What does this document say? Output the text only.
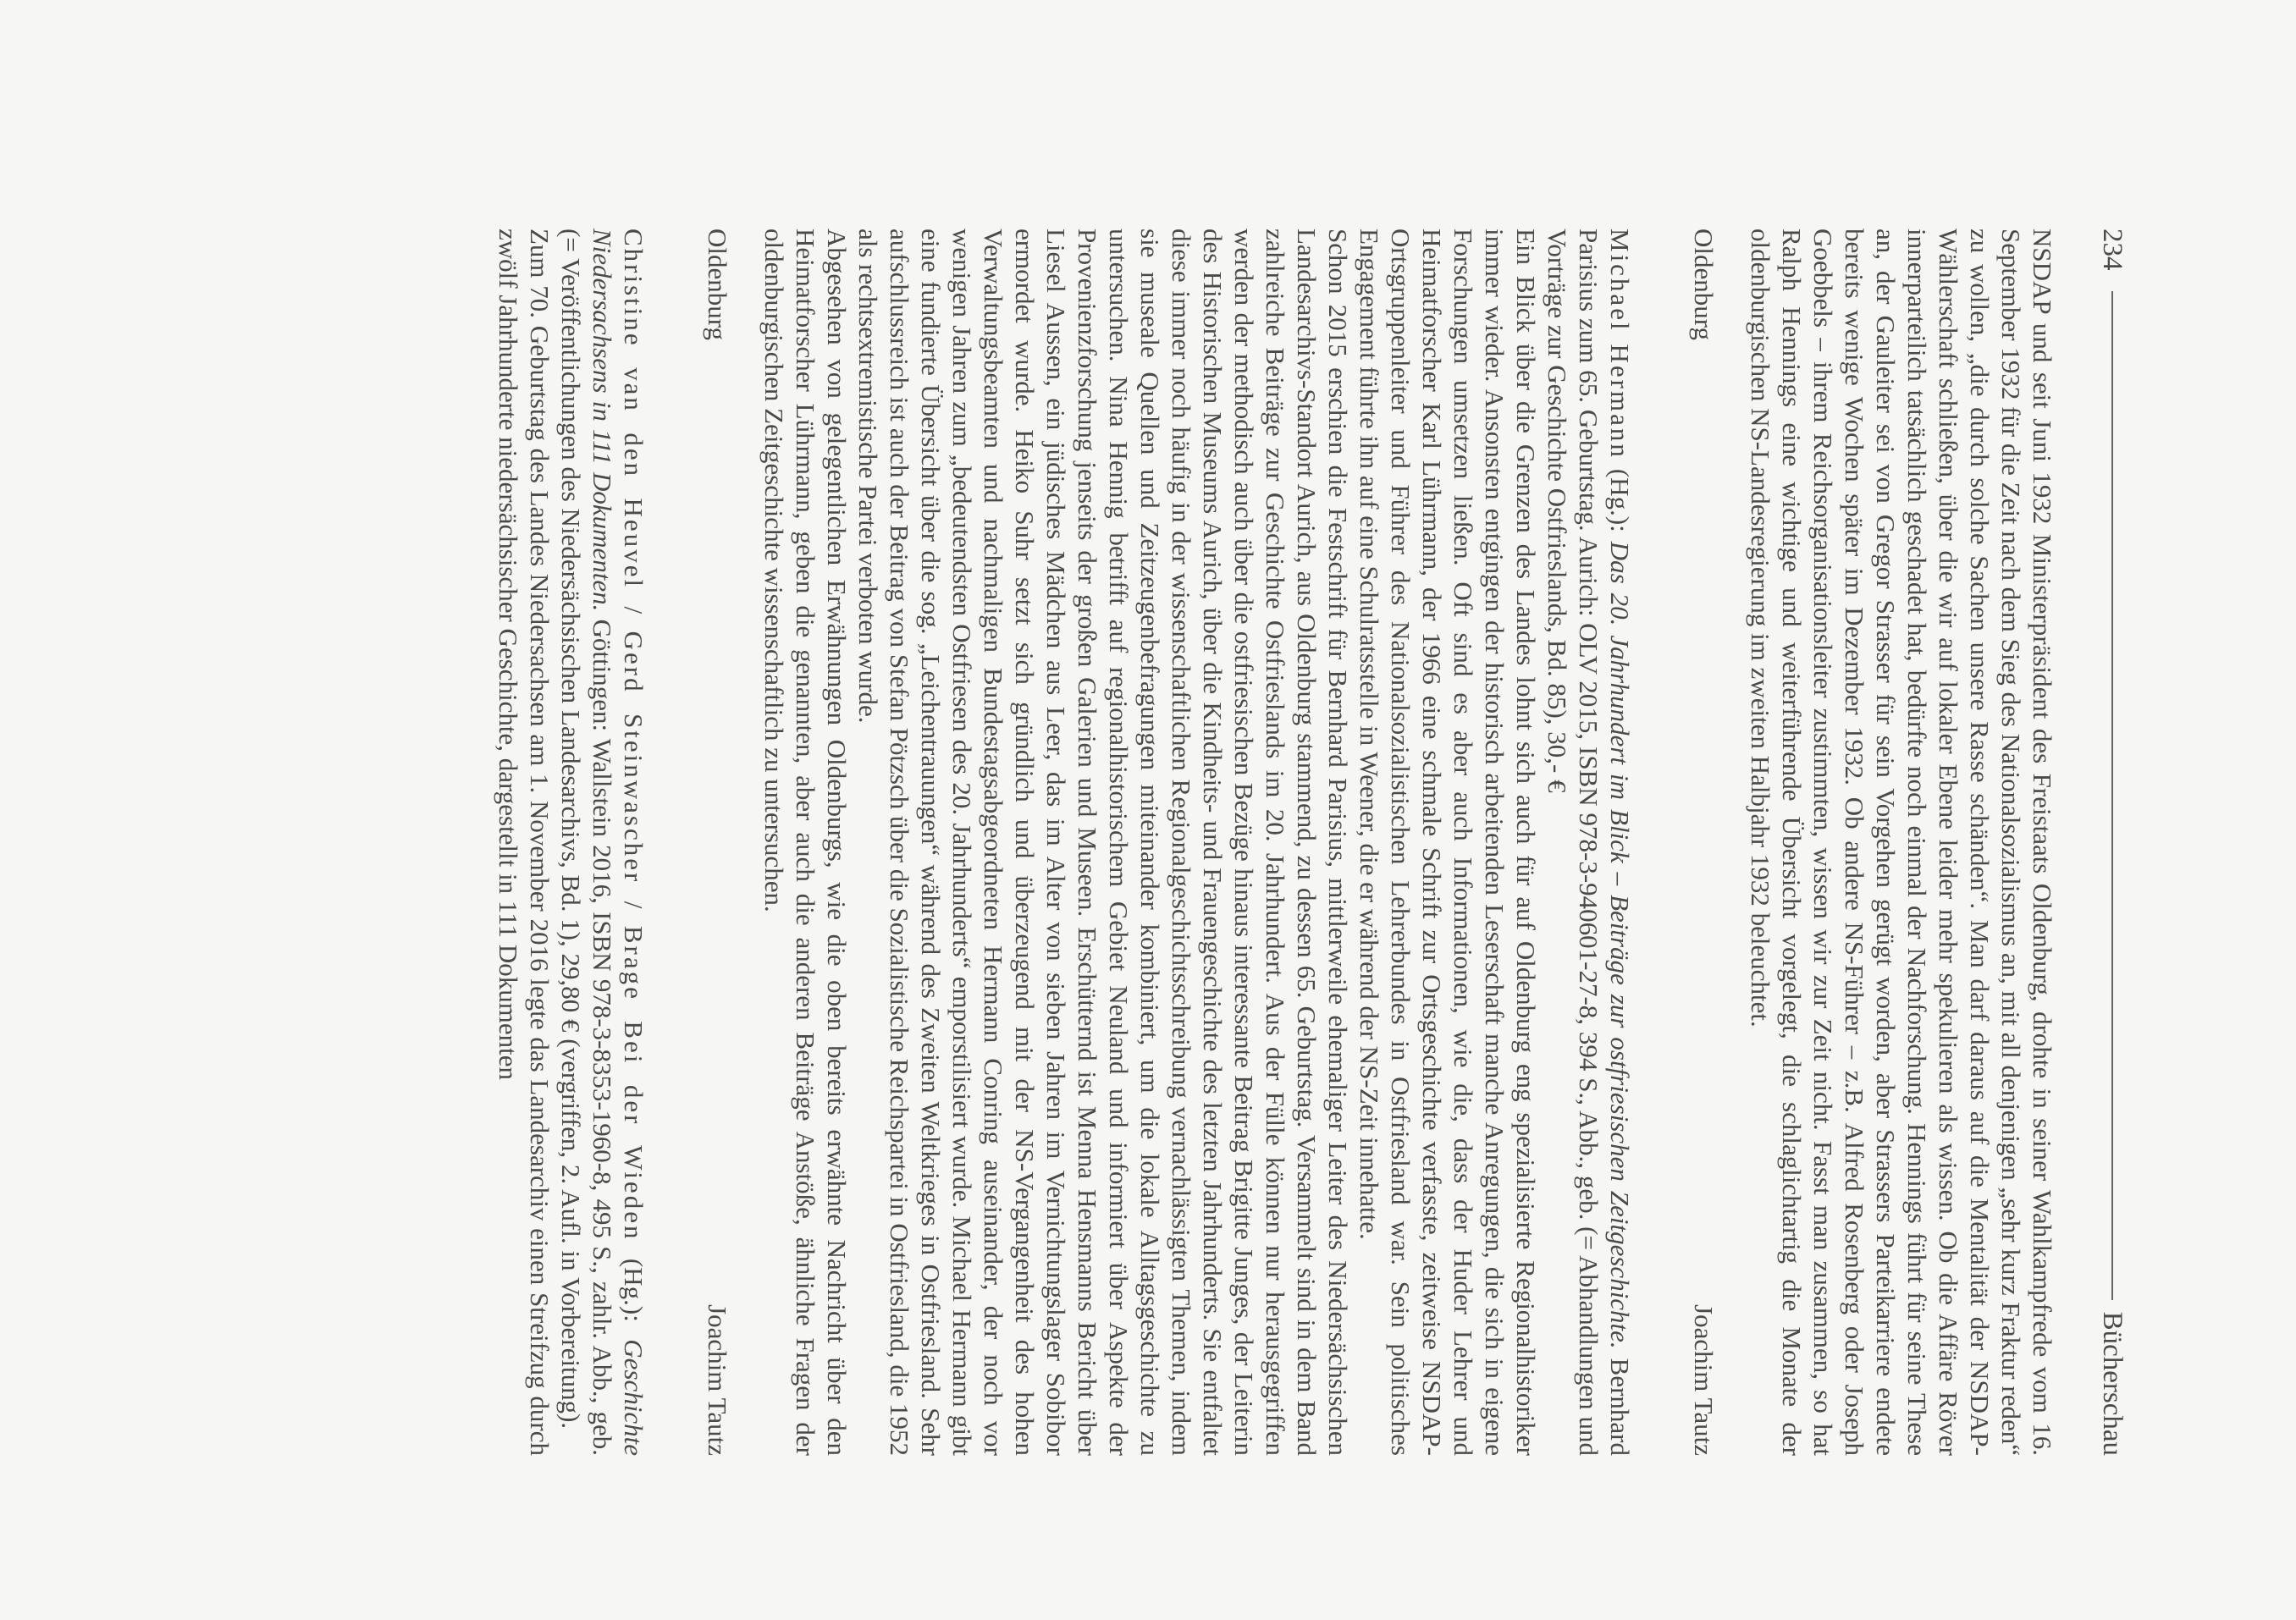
234
Bücherschau

NSDAP und seit Juni 1932 Ministerpräsident des Freistaats Oldenburg, drohte in seiner Wahlkampfrede vom 16. September 1932 für die Zeit nach dem Sieg des Nationalsozialismus an, mit all denjenigen „sehr kurz Fraktur reden“ zu wollen, „die durch solche Sachen unsere Rasse schänden“. Man darf daraus auf die Mentalität der NSDAP-Wählerschaft schließen, über die wir auf lokaler Ebene leider mehr spekulieren als wissen. Ob die Affäre Röver innerparteilich tatsächlich geschadet hat, bedürfte noch einmal der Nachforschung. Hennings führt für seine These an, der Gauleiter sei von Gregor Strasser für sein Vorgehen gerügt worden, aber Strassers Parteikarriere endete bereits wenige Wochen später im Dezember 1932. Ob andere NS-Führer – z.B. Alfred Rosenberg oder Joseph Goebbels – ihrem Reichsorganisationsleiter zustimmten, wissen wir zur Zeit nicht. Fasst man zusammen, so hat Ralph Hennings eine wichtige und weiterführende Übersicht vorgelegt, die schlaglichtartig die Monate der oldenburgischen NS-Landesregierung im zweiten Halbjahr 1932 beleuchtet.

Oldenburg
Joachim Tautz

Michael Hermann (Hg.): Das 20. Jahrhundert im Blick – Beiträge zur ostfriesischen Zeitgeschichte. Bernhard Parisius zum 65. Geburtstag. Aurich: OLV 2015, ISBN 978-3-940601-27-8, 394 S., Abb., geb. (= Abhandlungen und Vorträge zur Geschichte Ostfrieslands, Bd. 85), 30,- €

Ein Blick über die Grenzen des Landes lohnt sich auch für auf Oldenburg eng spezialisierte Regionalhistoriker immer wieder. Ansonsten entgingen der historisch arbeitenden Leserschaft manche Anregungen, die sich in eigene Forschungen umsetzen ließen. Oft sind es aber auch Informationen, wie die, dass der Huder Lehrer und Heimatforscher Karl Lührmann, der 1966 eine schmale Schrift zur Ortsgeschichte verfasste, zeitweise NSDAP-Ortsgruppenleiter und Führer des Nationalsozialistischen Lehrerbundes in Ostfriesland war. Sein politisches Engagement führte ihn auf eine Schulratsstelle in Weener, die er während der NS-Zeit innehatte.

Schon 2015 erschien die Festschrift für Bernhard Parisius, mittlerweile ehemaliger Leiter des Niedersächsischen Landesarchivs-Standort Aurich, aus Oldenburg stammend, zu dessen 65. Geburtstag. Versammelt sind in dem Band zahlreiche Beiträge zur Geschichte Ostfrieslands im 20. Jahrhundert. Aus der Fülle können nur herausgegriffen werden der methodisch auch über die ostfriesischen Bezüge hinaus interessante Beitrag Brigitte Junges, der Leiterin des Historischen Museums Aurich, über die Kindheits- und Frauengeschichte des letzten Jahrhunderts. Sie entfaltet diese immer noch häufig in der wissenschaftlichen Regionalgeschichtsschreibung vernachlässigten Themen, indem sie museale Quellen und Zeitzeugenbefragungen miteinander kombiniert, um die lokale Alltagsgeschichte zu untersuchen. Nina Hennig betrifft auf regionalhistorischem Gebiet Neuland und informiert über Aspekte der Provenienzforschung jenseits der großen Galerien und Museen. Erschütternd ist Menna Hensmanns Bericht über Liesel Aussen, ein jüdisches Mädchen aus Leer, das im Alter von sieben Jahren im Vernichtungslager Sobibor ermordet wurde. Heiko Suhr setzt sich gründlich und überzeugend mit der NS-Vergangenheit des hohen Verwaltungsbeamten und nachmaligen Bundestagsabgeordneten Hermann Conring auseinander, der noch vor wenigen Jahren zum „bedeutendsten Ostfriesen des 20. Jahrhunderts“ emporstilisiert wurde. Michael Hermann gibt eine fundierte Übersicht über die sog. „Leichentrauungen“ während des Zweiten Weltkrieges in Ostfriesland. Sehr aufschlussreich ist auch der Beitrag von Stefan Pötzsch über die Sozialistische Reichspartei in Ostfriesland, die 1952 als rechtsextremistische Partei verboten wurde.

Abgesehen von gelegentlichen Erwähnungen Oldenburgs, wie die oben bereits erwähnte Nachricht über den Heimatforscher Lührmann, geben die genannten, aber auch die anderen Beiträge Anstöße, ähnliche Fragen der oldenburgischen Zeitgeschichte wissenschaftlich zu untersuchen.

Oldenburg
Joachim Tautz

Christine van den Heuvel / Gerd Steinwascher / Brage Bei der Wieden (Hg.): Geschichte Niedersachsens in 111 Dokumenten. Göttingen: Wallstein 2016, ISBN 978-3-8353-1960-8, 495 S., zahlr. Abb., geb. (= Veröffentlichungen des Niedersächsischen Landesarchivs, Bd. 1), 29,80 € (vergriffen, 2. Aufl. in Vorbereitung).

Zum 70. Geburtstag des Landes Niedersachsen am 1. November 2016 legte das Landesarchiv einen Streifzug durch zwölf Jahrhunderte niedersächsischer Geschichte, dargestellt in 111 Dokumenten
